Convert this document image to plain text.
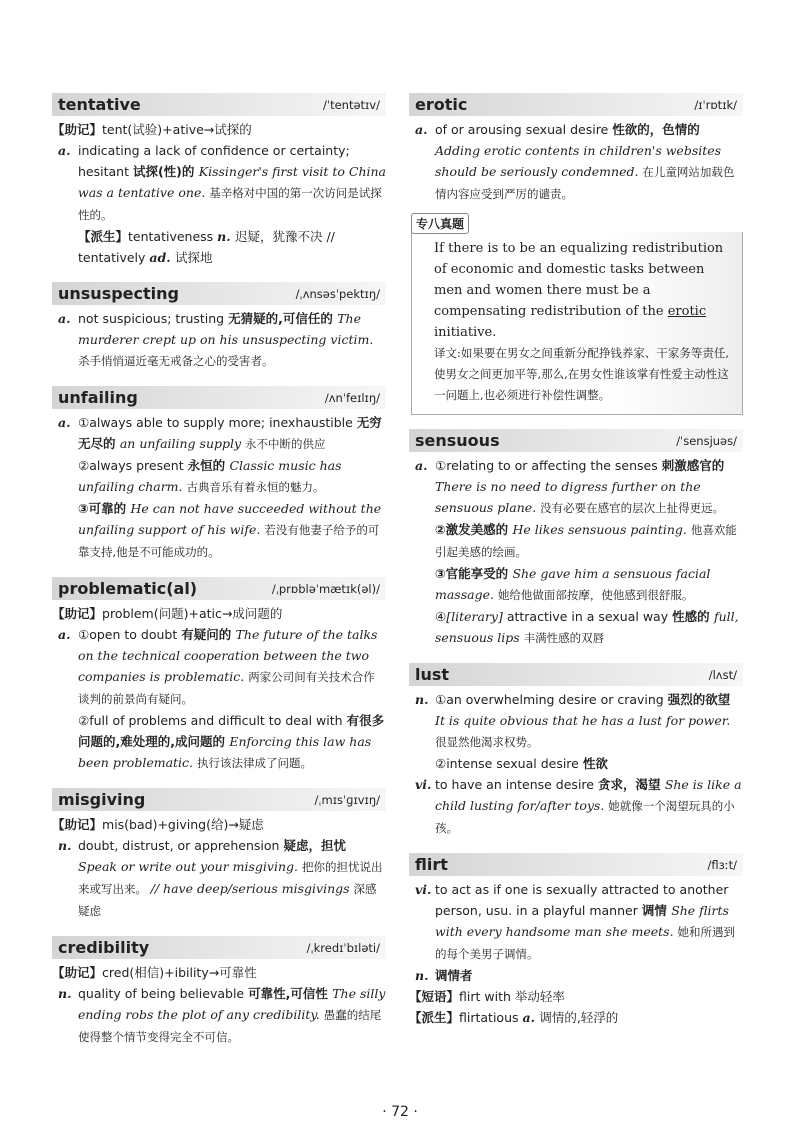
tentative	/ˈtentətɪv/
【助记】tent(试验)+ative→试探的
a. indicating a lack of confidence or certainty; hesitant 试探(性)的 Kissinger's first visit to China was a tentative one. 基辛格对中国的第一次访问是试探性的。
【派生】tentativeness n. 迟疑，犹豫不决 // tentatively ad. 试探地
unsuspecting	/ˌʌnsəsˈpektɪŋ/
a. not suspicious; trusting 无猜疑的,可信任的 The murderer crept up on his unsuspecting victim. 杀手悄悄逼近毫无戒备之心的受害者。
unfailing	/ʌnˈfeɪlɪŋ/
a. ①always able to supply more; inexhaustible 无穷无尽的 an unfailing supply 永不中断的供应
②always present 永恒的 Classic music has unfailing charm. 古典音乐有着永恒的魅力。
③可靠的 He can not have succeeded without the unfailing support of his wife. 若没有他妻子给予的可靠支持,他是不可能成功的。
problematic(al)	/ˌprɒbləˈmætɪk(əl)/
【助记】problem(问题)+atic→成问题的
a. ①open to doubt 有疑问的 The future of the talks on the technical cooperation between the two companies is problematic. 两家公司间有关技术合作谈判的前景尚有疑问。
②full of problems and difficult to deal with 有很多问题的,难处理的,成问题的 Enforcing this law has been problematic. 执行该法律成了问题。
misgiving	/ˌmɪsˈɡɪvɪŋ/
【助记】mis(bad)+giving(给)→疑虑
n. doubt, distrust, or apprehension 疑虑，担忧 Speak or write out your misgiving. 把你的担忧说出来或写出来。 // have deep/serious misgivings 深感疑虑
credibility	/ˌkredɪˈbɪləti/
【助记】cred(相信)+ibility→可靠性
n. quality of being believable 可靠性,可信性 The silly ending robs the plot of any credibility. 愚蠢的结尾使得整个情节变得完全不可信。
erotic	/ɪˈrɒtɪk/
a. of or arousing sexual desire 性欲的，色情的 Adding erotic contents in children's websites should be seriously condemned. 在儿童网站加载色情内容应受到严厉的谴责。
专八真题
If there is to be an equalizing redistribution of economic and domestic tasks between men and women there must be a compensating redistribution of the erotic initiative.
译文:如果要在男女之间重新分配挣钱养家、干家务等责任,使男女之间更加平等,那么,在男女性谁该掌有性爱主动性这一问题上,也必须进行补偿性调整。
sensuous	/ˈsensjuəs/
a. ①relating to or affecting the senses 刺激感官的 There is no need to digress further on the sensuous plane. 没有必要在感官的层次上扯得更远。
②激发美感的 He likes sensuous painting. 他喜欢能引起美感的绘画。
③官能享受的 She gave him a sensuous facial massage. 她给他做面部按摩，使他感到很舒服。
④[literary] attractive in a sexual way 性感的 full, sensuous lips 丰满性感的双唇
lust	/lʌst/
n. ①an overwhelming desire or craving 强烈的欲望 It is quite obvious that he has a lust for power. 很显然他渴求权势。
②intense sexual desire 性欲
vi. to have an intense desire 贪求，渴望 She is like a child lusting for/after toys. 她就像一个渴望玩具的小孩。
flirt	/flɜːt/
vi. to act as if one is sexually attracted to another person, usu. in a playful manner 调情 She flirts with every handsome man she meets. 她和所遇到的每个美男子调情。
n. 调情者
【短语】flirt with 举动轻率
【派生】flirtatious a. 调情的,轻浮的
· 72 ·
